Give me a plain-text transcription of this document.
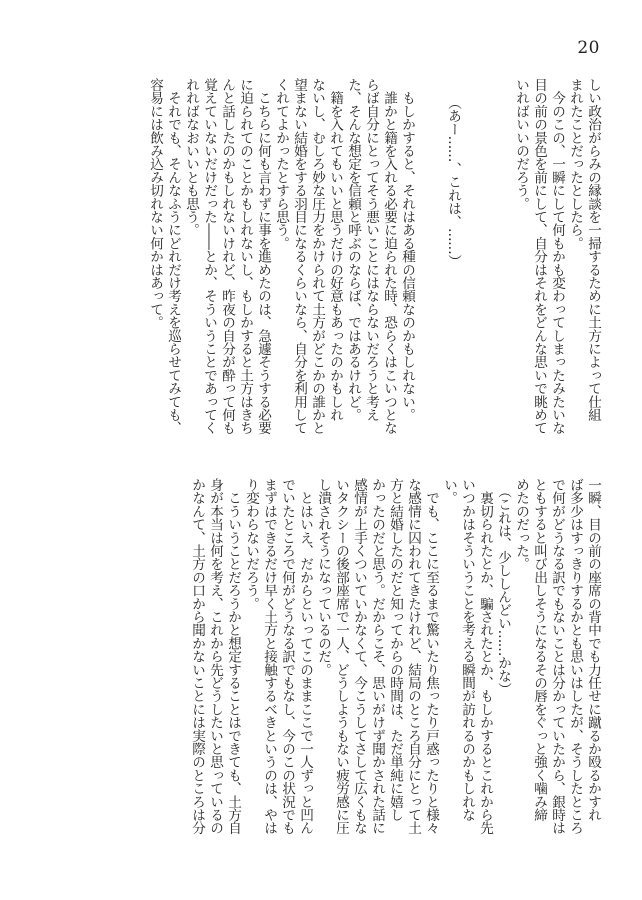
20
しい政治がらみの縁談を一掃するために土方によって仕組
まれたことだったとしたら。
　今のこの、一瞬にして何もかも変わってしまったみたいな
目の前の景色を前にして、自分はそれをどんな思いで眺めて
いればいいのだろう。
（あー……、これは、……）
　もしかすると、それはある種の信頼なのかもしれない。
　誰かと籍を入れる必要に迫られた時、恐らくはこいつとな
らば自分にとってそう悪いことにはならないだろうと考え
た、そんな想定を信頼と呼ぶのならば、ではあるけれど。
　籍を入れてもいいと思うだけの好意もあったのかもしれ
ないし、むしろ妙な圧力をかけられて土方がどこかの誰かと
望まない結婚をする羽目になるくらいなら、自分を利用して
くれてよかったとすら思う。
　こちらに何も言わずに事を進めたのは、急遽そうする必要
に迫られてのことかもしれないし、もしかすると土方はきち
んと話したのかもしれないけれど、昨夜の自分が酔って何も
覚えていないだけだった――とか、そういうことであってく
れればなおいいとも思う。
　それでも、そんなふうにどれだけ考えを巡らせてみても、
容易には飲み込み切れない何かはあって。
一瞬、目の前の座席の背中でも力任せに蹴るか殴るかすれ
ば多少はすっきりするかとも思いはしたが、そうしたところ
で何がどうなる訳でもないことは分かっていたから、銀時は
ともすると叫び出しそうになるその唇をぐっと強く噛み締
めたのだった。
　（これは、少ししんどい……かな）
　裏切られたとか、騙されたとか、もしかするとこれから先
いつかはそういうことを考える瞬間が訪れるのかもしれな
い。
　でも、ここに至るまで驚いたり焦ったり戸惑ったりと様々
な感情に囚われてきたけれど、結局のところ自分にとって土
方と結婚したのだと知ってからの時間は、ただ単純に嬉し
かったのだと思う。だからこそ、思いがけず聞かされた話に
感情が上手くついていかなくて、今こうしてさして広くもな
いタクシーの後部座席で一人、どうしようもない疲労感に圧
し潰されそうになっているのだ。
　とはいえ、だからといってこのままここで一人ずっと凹ん
でいたところで何がどうなる訳でもなし、今のこの状況でも
まずはできるだけ早く土方と接触するべきというのは、やは
り変わらないだろう。
　こういうことだろうかと想定することはできても、土方自
身が本当は何を考え、これから先どうしたいと思っているの
かなんて、土方の口から聞かないことには実際のところは分
